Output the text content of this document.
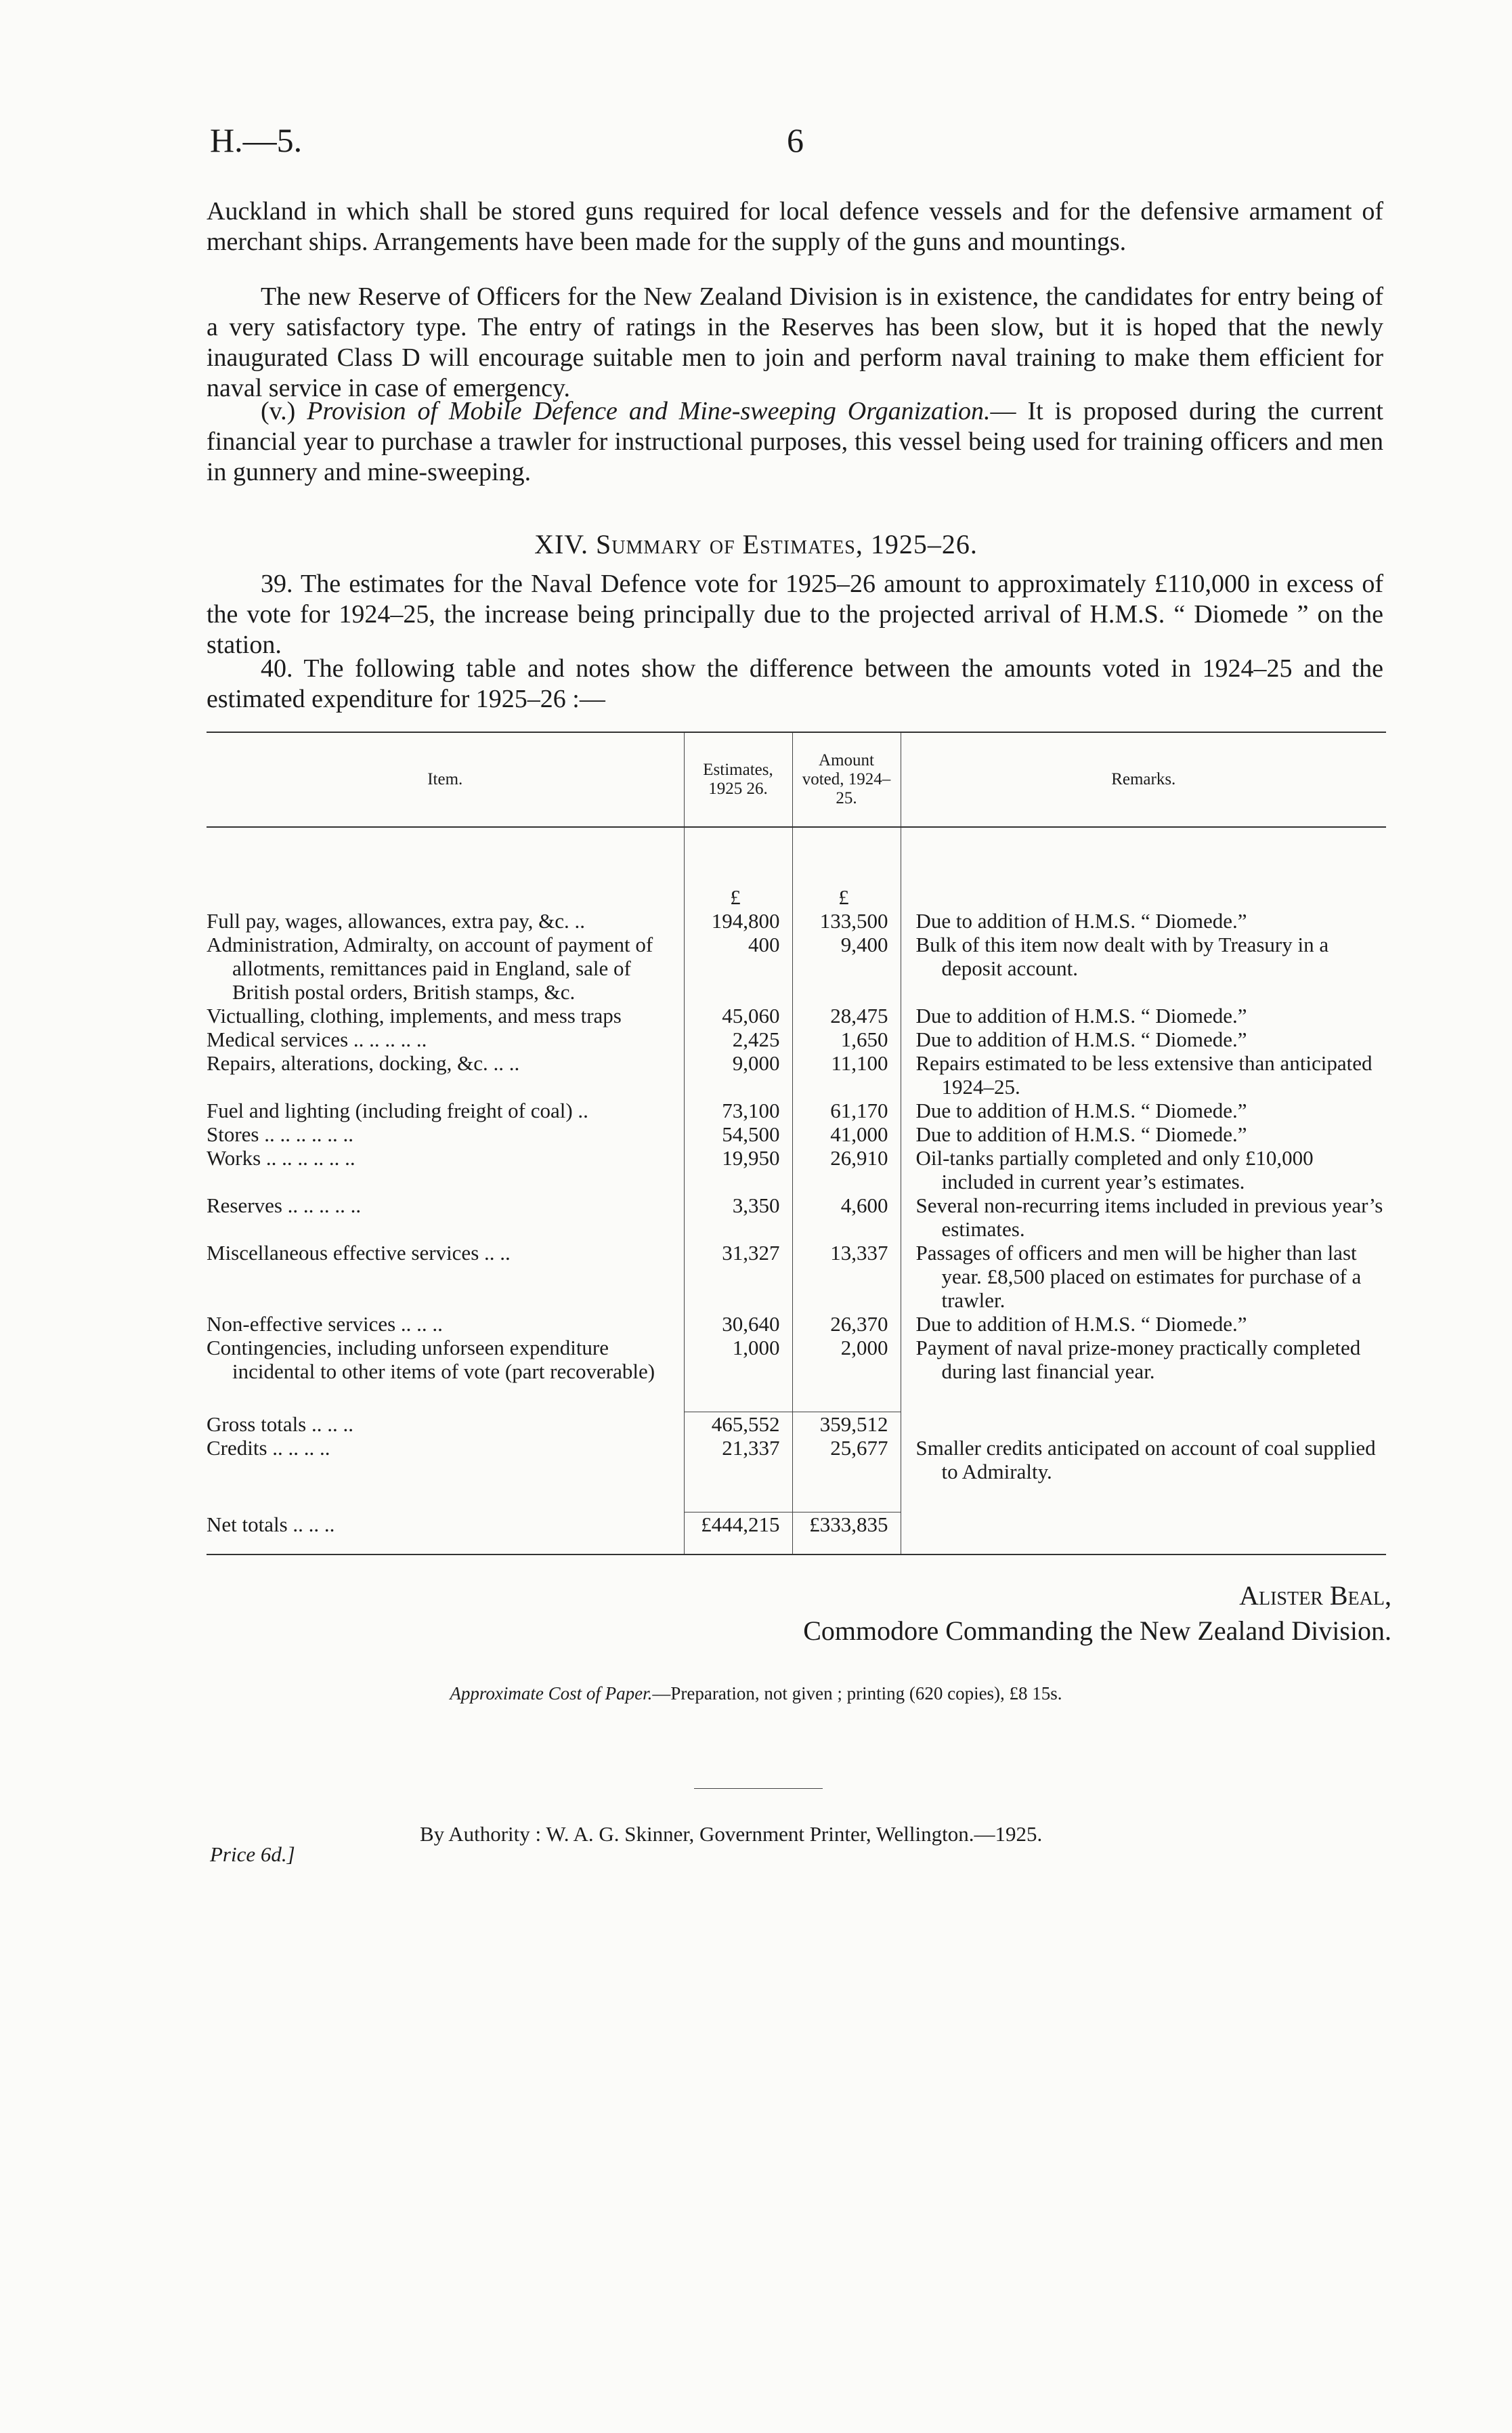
H.—5.	6
Auckland in which shall be stored guns required for local defence vessels and for the defensive armament of merchant ships. Arrangements have been made for the supply of the guns and mountings.
The new Reserve of Officers for the New Zealand Division is in existence, the candidates for entry being of a very satisfactory type. The entry of ratings in the Reserves has been slow, but it is hoped that the newly inaugurated Class D will encourage suitable men to join and perform naval training to make them efficient for naval service in case of emergency.
(v.) Provision of Mobile Defence and Mine-sweeping Organization.— It is proposed during the current financial year to purchase a trawler for instructional purposes, this vessel being used for training officers and men in gunnery and mine-sweeping.
XIV. Summary of Estimates, 1925–26.
39. The estimates for the Naval Defence vote for 1925–26 amount to approximately £110,000 in excess of the vote for 1924–25, the increase being principally due to the projected arrival of H.M.S. “ Diomede ” on the station.
40. The following table and notes show the difference between the amounts voted in 1924–25 and the estimated expenditure for 1925–26 :—
Item.	Estimates, 1925 26.	Amount voted, 1924–25.	Remarks.
	£	£	

Full pay, wages, allowances, extra pay, &c. ..	194,800	133,500	Due to addition of H.M.S. “ Diomede.”

Administration, Admiralty, on account of payment of allotments, remittances paid in England, sale of British postal orders, British stamps, &c.	400	9,400	Bulk of this item now dealt with by Treasury in a deposit account.

Victualling, clothing, implements, and mess traps	45,060	28,475	Due to addition of H.M.S. “ Diomede.”

Medical services .. .. .. .. ..	2,425	1,650	Due to addition of H.M.S. “ Diomede.”

Repairs, alterations, docking, &c. .. ..	9,000	11,100	Repairs estimated to be less extensive than anticipated 1924–25.

Fuel and lighting (including freight of coal) ..	73,100	61,170	Due to addition of H.M.S. “ Diomede.”

Stores .. .. .. .. .. ..	54,500	41,000	Due to addition of H.M.S. “ Diomede.”

Works .. .. .. .. .. ..	19,950	26,910	Oil-tanks partially completed and only £10,000 included in current year’s estimates.

Reserves .. .. .. .. ..	3,350	4,600	Several non-recurring items included in previous year’s estimates.

Miscellaneous effective services .. ..	31,327	13,337	Passages of officers and men will be higher than last year. £8,500 placed on estimates for purchase of a trawler.

Non-effective services .. .. ..	30,640	26,370	Due to addition of H.M.S. “ Diomede.”

Contingencies, including unforseen expenditure incidental to other items of vote (part recoverable)	1,000	2,000	Payment of naval prize-money practically completed during last financial year.

Gross totals .. .. ..	465,552	359,512	
Credits .. .. .. ..	21,337	25,677	Smaller credits anticipated on account of coal supplied to Admiralty.

Net totals .. .. ..	£444,215	£333,835	
Alister Beal,
Commodore Commanding the New Zealand Division.
Approximate Cost of Paper.—Preparation, not given ; printing (620 copies), £8 15s.
Price 6d.]
By Authority : W. A. G. Skinner, Government Printer, Wellington.—1925.
